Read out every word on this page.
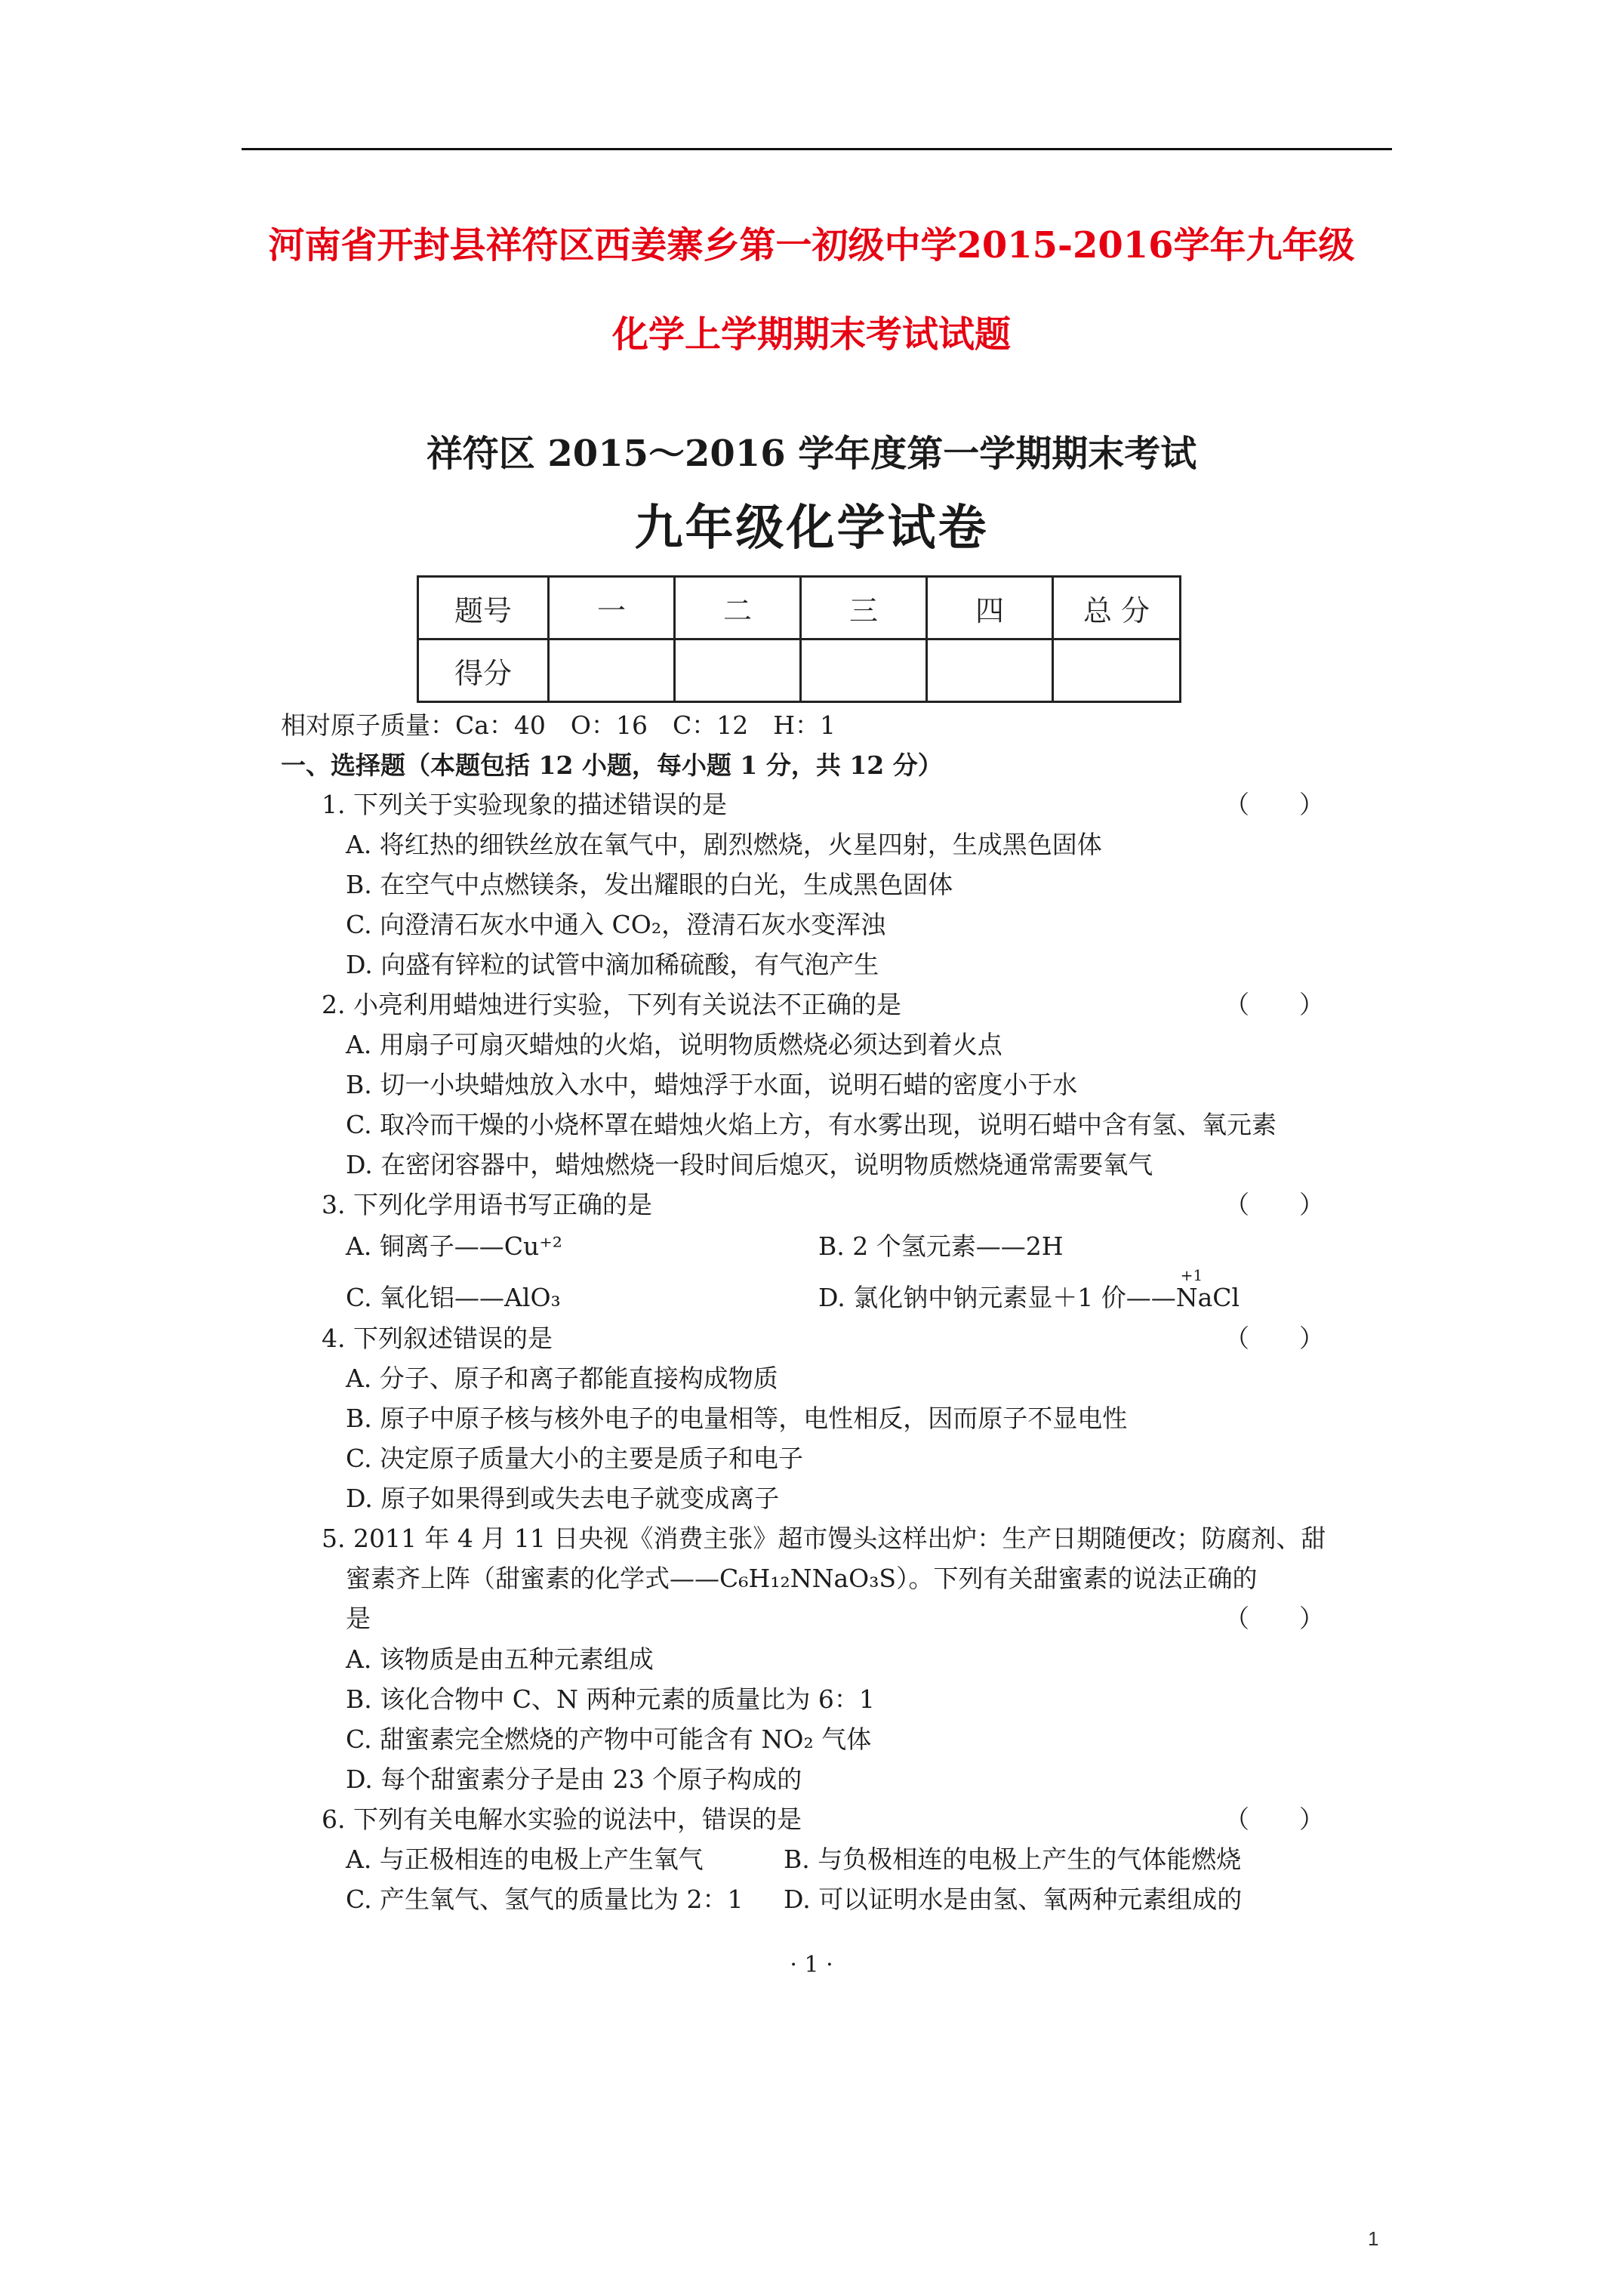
河南省开封县祥符区西姜寨乡第一初级中学2015-2016学年九年级
化学上学期期末考试试题
祥符区 2015～2016 学年度第一学期期末考试
九年级化学试卷
题号	一	二	三	四	总 分
得分					
相对原子质量：Ca：40　O：16　C：12　H：1
一、选择题（本题包括 12 小题，每小题 1 分，共 12 分）
1. 下列关于实验现象的描述错误的是	（　　）
A. 将红热的细铁丝放在氧气中，剧烈燃烧，火星四射，生成黑色固体
B. 在空气中点燃镁条，发出耀眼的白光，生成黑色固体
C. 向澄清石灰水中通入 CO₂，澄清石灰水变浑浊
D. 向盛有锌粒的试管中滴加稀硫酸，有气泡产生
2. 小亮利用蜡烛进行实验，下列有关说法不正确的是	（　　）
A. 用扇子可扇灭蜡烛的火焰，说明物质燃烧必须达到着火点
B. 切一小块蜡烛放入水中，蜡烛浮于水面，说明石蜡的密度小于水
C. 取冷而干燥的小烧杯罩在蜡烛火焰上方，有水雾出现，说明石蜡中含有氢、氧元素
D. 在密闭容器中，蜡烛燃烧一段时间后熄灭，说明物质燃烧通常需要氧气
3. 下列化学用语书写正确的是	（　　）
A. 铜离子——Cu⁺²	B. 2 个氢元素——2H
C. 氧化铝——AlO₃	D. 氯化钠中钠元素显＋1 价——
+1
NaCl
4. 下列叙述错误的是	（　　）
A. 分子、原子和离子都能直接构成物质
B. 原子中原子核与核外电子的电量相等，电性相反，因而原子不显电性
C. 决定原子质量大小的主要是质子和电子
D. 原子如果得到或失去电子就变成离子
5. 2011 年 4 月 11 日央视《消费主张》超市馒头这样出炉：生产日期随便改；防腐剂、甜
蜜素齐上阵（甜蜜素的化学式——C₆H₁₂NNaO₃S）。下列有关甜蜜素的说法正确的
是	（　　）
A. 该物质是由五种元素组成
B. 该化合物中 C、N 两种元素的质量比为 6：1
C. 甜蜜素完全燃烧的产物中可能含有 NO₂ 气体
D. 每个甜蜜素分子是由 23 个原子构成的
6. 下列有关电解水实验的说法中，错误的是	（　　）
A. 与正极相连的电极上产生氧气	B. 与负极相连的电极上产生的气体能燃烧
C. 产生氧气、氢气的质量比为 2：1 D. 可以证明水是由氢、氧两种元素组成的
· 1 ·
1
